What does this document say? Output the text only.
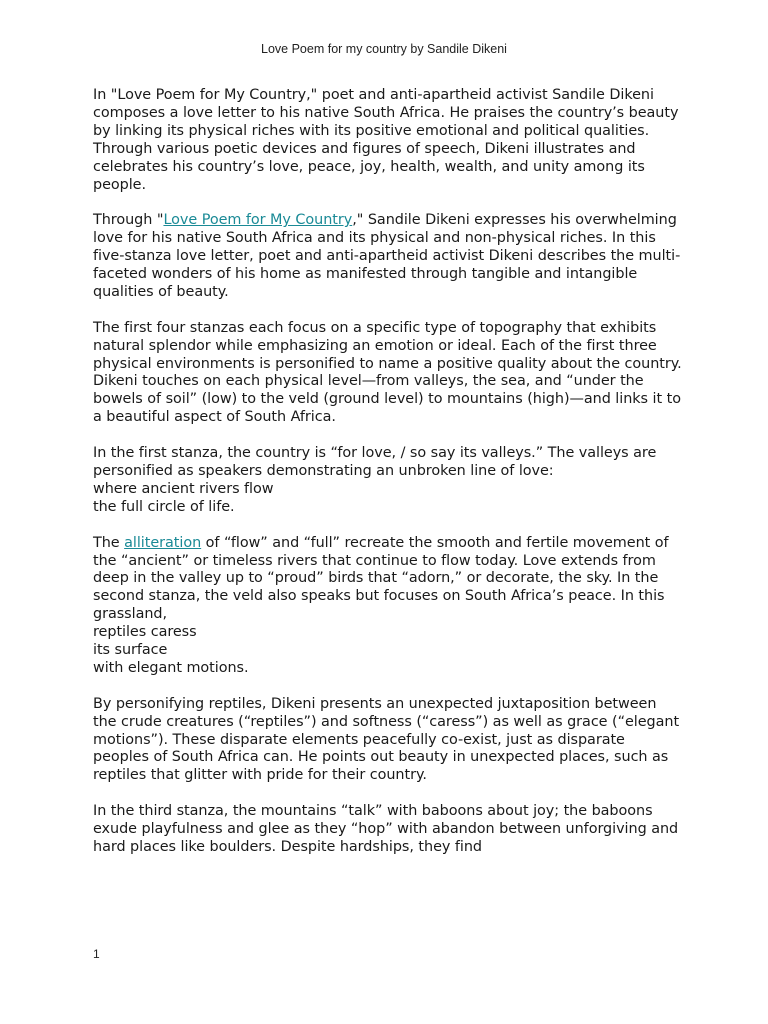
Love Poem for my country by Sandile Dikeni

In "Love Poem for My Country," poet and anti-apartheid activist Sandile Dikeni composes a love letter to his native South Africa. He praises the country’s beauty by linking its physical riches with its positive emotional and political qualities. Through various poetic devices and figures of speech, Dikeni illustrates and celebrates his country’s love, peace, joy, health, wealth, and unity among its people.

Through "Love Poem for My Country," Sandile Dikeni expresses his overwhelming love for his native South Africa and its physical and non-physical riches. In this five-stanza love letter, poet and anti-apartheid activist Dikeni describes the multi-faceted wonders of his home as manifested through tangible and intangible qualities of beauty.

The first four stanzas each focus on a specific type of topography that exhibits natural splendor while emphasizing an emotion or ideal. Each of the first three physical environments is personified to name a positive quality about the country. Dikeni touches on each physical level—from valleys, the sea, and “under the bowels of soil” (low) to the veld (ground level) to mountains (high)—and links it to a beautiful aspect of South Africa.

In the first stanza, the country is “for love, / so say its valleys.” The valleys are personified as speakers demonstrating an unbroken line of love:
where ancient rivers flow
the full circle of life.

The alliteration of “flow” and “full” recreate the smooth and fertile movement of the “ancient” or timeless rivers that continue to flow today. Love extends from deep in the valley up to “proud” birds that “adorn,” or decorate, the sky. In the second stanza, the veld also speaks but focuses on South Africa’s peace. In this grassland,
reptiles caress
its surface
with elegant motions.

By personifying reptiles, Dikeni presents an unexpected juxtaposition between the crude creatures (“reptiles”) and softness (“caress”) as well as grace (“elegant motions”). These disparate elements peacefully co-exist, just as disparate peoples of South Africa can. He points out beauty in unexpected places, such as reptiles that glitter with pride for their country.

In the third stanza, the mountains “talk” with baboons about joy; the baboons exude playfulness and glee as they “hop” with abandon between unforgiving and hard places like boulders. Despite hardships, they find

1
